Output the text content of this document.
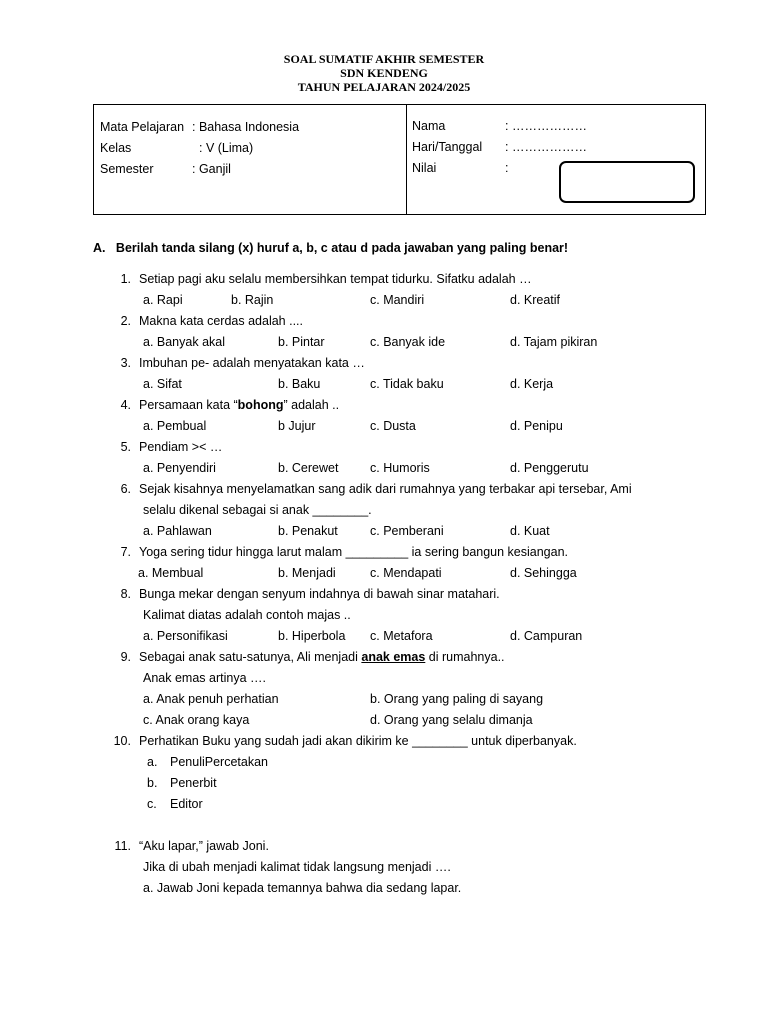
SOAL SUMATIF AKHIR SEMESTER
SDN KENDENG
TAHUN PELAJARAN 2024/2025
Mata Pelajaran : Bahasa Indonesia
Kelas	: V (Lima)
Semester	: Ganjil
Nama	: ………………
Hari/Tanggal : ………………
Nilai	:
A. Berilah tanda silang (x) huruf a, b, c atau d pada jawaban yang paling benar!
1. Setiap pagi aku selalu membersihkan tempat tidurku. Sifatku adalah …
a. Rapi	b. Rajin	c. Mandiri	d. Kreatif
2. Makna kata cerdas adalah ....
a. Banyak akal	b. Pintar	c. Banyak ide	d. Tajam pikiran
3. Imbuhan pe- adalah menyatakan kata …
a. Sifat	b. Baku	c. Tidak baku	d. Kerja
4. Persamaan kata “bohong” adalah ..
a. Pembual	b Jujur	c. Dusta	d. Penipu
5. Pendiam >< …
a. Penyendiri	b. Cerewet	c. Humoris	d. Penggerutu
6. Sejak kisahnya menyelamatkan sang adik dari rumahnya yang terbakar api tersebar, Ami
selalu dikenal sebagai si anak ________.
a. Pahlawan	b. Penakut	c. Pemberani	d. Kuat
7. Yoga sering tidur hingga larut malam _________ ia sering bangun kesiangan.
a. Membual	b. Menjadi	c. Mendapati	d. Sehingga
8. Bunga mekar dengan senyum indahnya di bawah sinar matahari.
Kalimat diatas adalah contoh majas ..
a. Personifikasi	b. Hiperbola c. Metafora	d. Campuran
9. Sebagai anak satu-satunya, Ali menjadi anak emas di rumahnya..
Anak emas artinya ….
a. Anak penuh perhatian	b. Orang yang paling di sayang
c. Anak orang kaya	d. Orang yang selalu dimanja
10. Perhatikan Buku yang sudah jadi akan dikirim ke ________ untuk diperbanyak.
a. PenuliPercetakan
b. Penerbit
c. Editor
11. “Aku lapar,” jawab Joni.
Jika di ubah menjadi kalimat tidak langsung menjadi ….
a. Jawab Joni kepada temannya bahwa dia sedang lapar.
